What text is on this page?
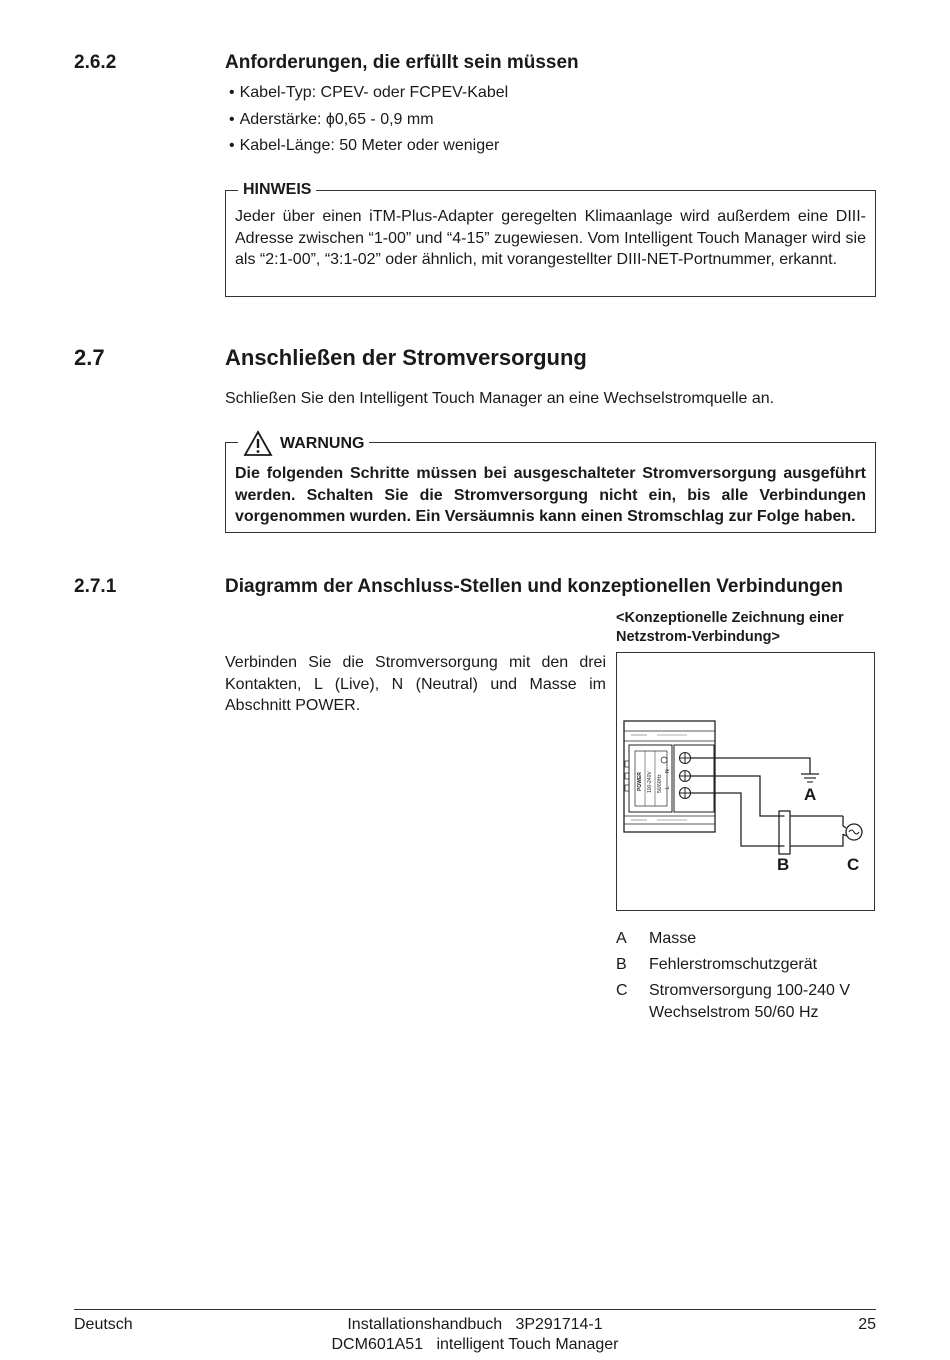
2.6.2	Anforderungen, die erfüllt sein müssen
• Kabel-Typ: CPEV- oder FCPEV-Kabel
• Aderstärke: ϕ0,65 - 0,9 mm
• Kabel-Länge: 50 Meter oder weniger
HINWEIS
Jeder über einen iTM-Plus-Adapter geregelten Klimaanlage wird außerdem eine DIII-Adresse zwischen “1-00” und “4-15” zugewiesen. Vom Intelligent Touch Manager wird sie als “2:1-00”, “3:1-02” oder ähnlich, mit vorangestellter DIII-NET-Portnummer, erkannt.
2.7	Anschließen der Stromversorgung
Schließen Sie den Intelligent Touch Manager an eine Wechselstromquelle an.
WARNUNG
Die folgenden Schritte müssen bei ausgeschalteter Stromversorgung ausgeführt werden. Schalten Sie die Stromversorgung nicht ein, bis alle Verbindungen vorgenommen wurden. Ein Versäumnis kann einen Stromschlag zur Folge haben.
2.7.1	Diagramm der Anschluss-Stellen und konzeptionellen Verbindungen
Verbinden Sie die Stromversorgung mit den drei Kontakten, L (Live), N (Neutral) und Masse im Abschnitt POWER.
<Konzeptionelle Zeichnung einer Netzstrom-Verbindung>
POWER 100-240V 50/60Hz
N
L	A
B	C
A	Masse
B	Fehlerstromschutzgerät
C	Stromversorgung 100-240 V Wechselstrom 50/60 Hz
Deutsch	Installationshandbuch   3P291714-1
DCM601A51   intelligent Touch Manager
25
